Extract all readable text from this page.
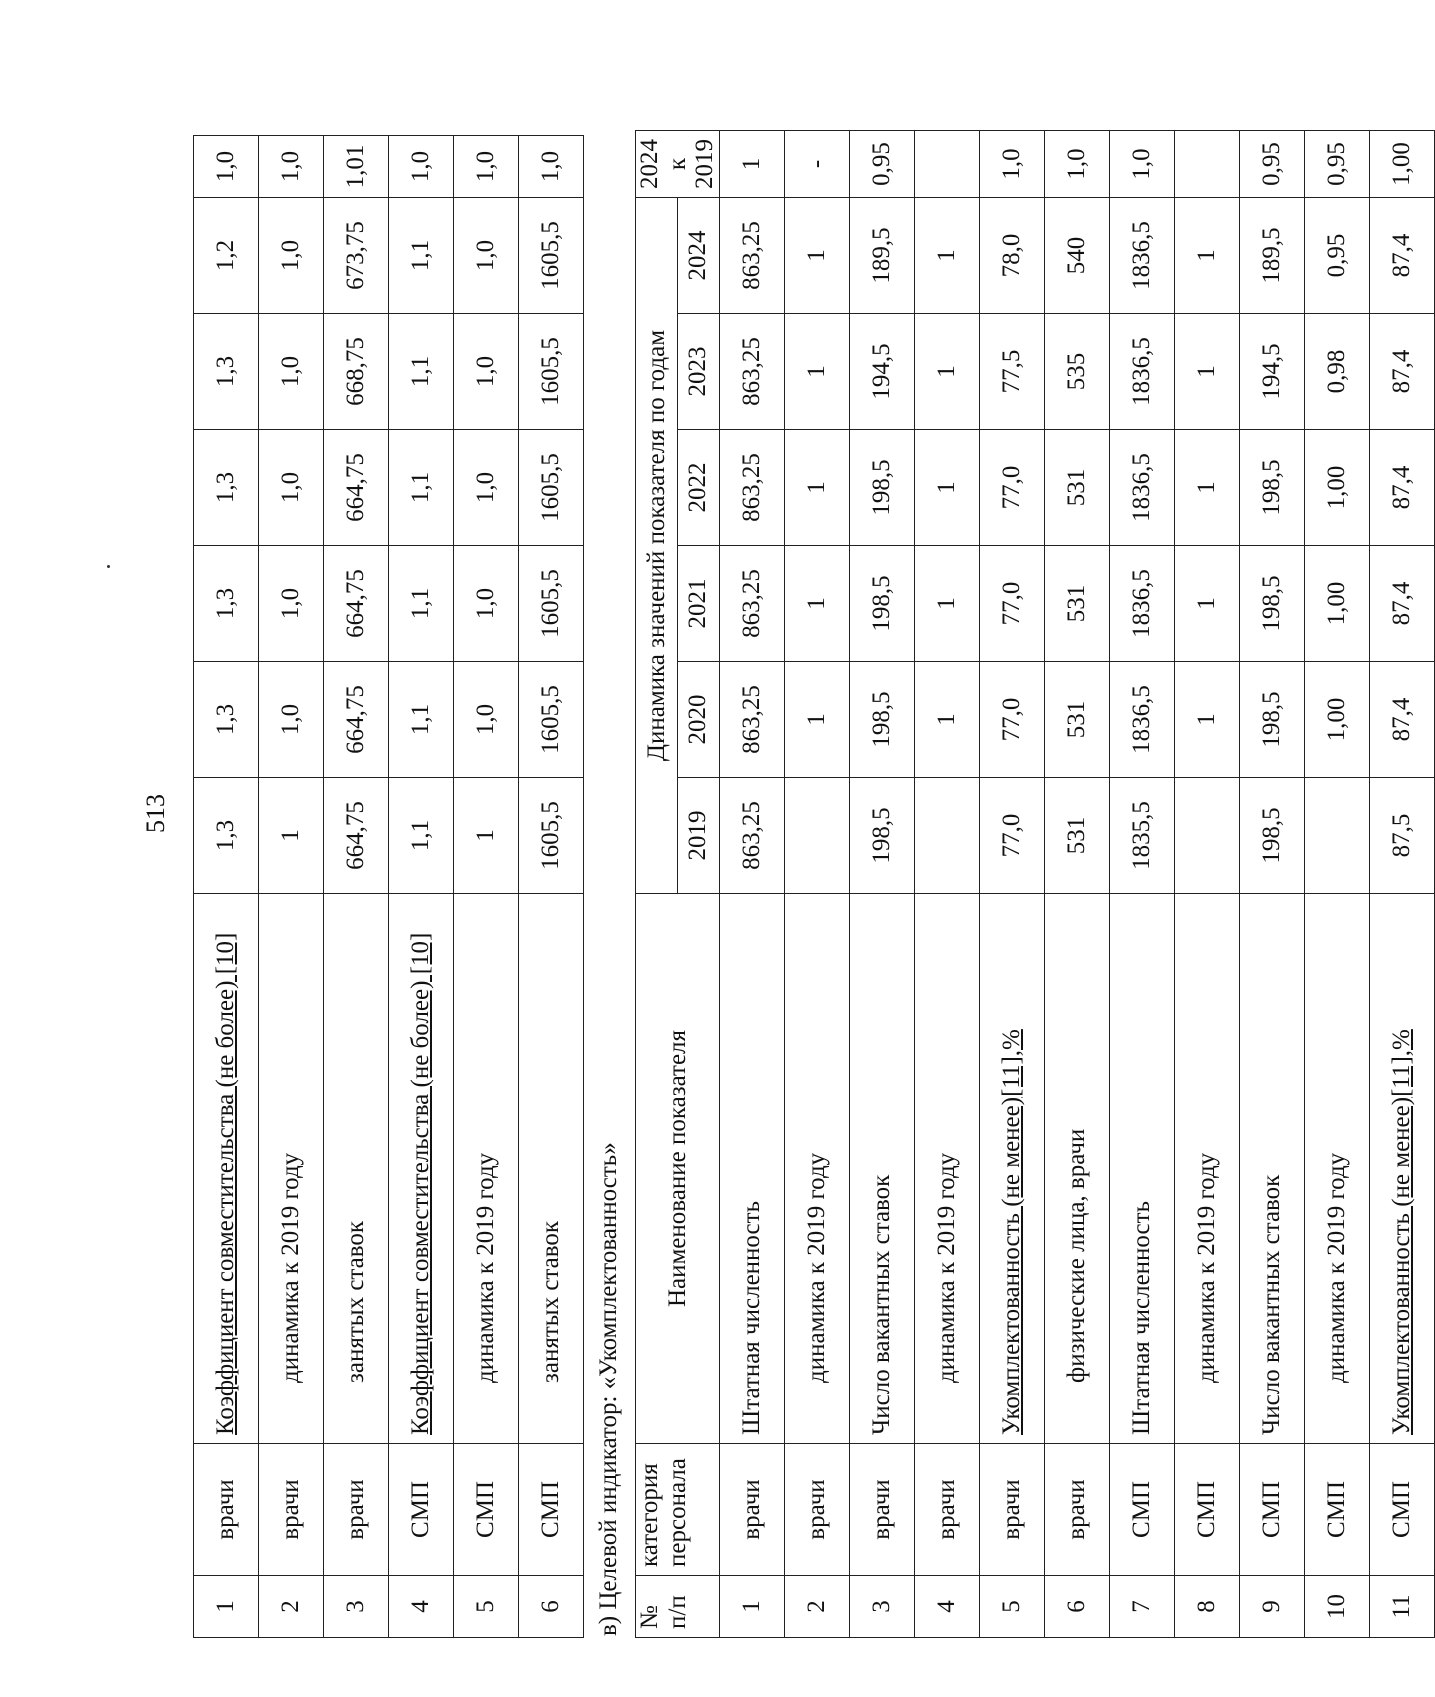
513
1	врачи	Коэффициент совместительства (не более) [10]	1,3	1,3	1,3	1,3	1,3	1,2	1,0
2	врачи	динамика к 2019 году	1	1,0	1,0	1,0	1,0	1,0	1,0
3	врачи	занятых ставок	664,75	664,75	664,75	664,75	668,75	673,75	1,01
4	СМП	Коэффициент совместительства (не более) [10]	1,1	1,1	1,1	1,1	1,1	1,1	1,0
5	СМП	динамика к 2019 году	1	1,0	1,0	1,0	1,0	1,0	1,0
6	СМП	занятых ставок	1605,5	1605,5	1605,5	1605,5	1605,5	1605,5	1,0
в) Целевой индикатор: «Укомплектованность» № п/п	категория персонала	Наименование показателя	Динамика значений показателя по годам						2024 к 2019
			2019	2020	2021	2022	2023	2024	
1	врачи	Штатная численность	863,25	863,25	863,25	863,25	863,25	863,25	1
2	врачи	динамика к 2019 году		1	1	1	1	1	-
3	врачи	Число вакантных ставок	198,5	198,5	198,5	198,5	194,5	189,5	0,95
4	врачи	динамика к 2019 году		1	1	1	1	1	
5	врачи	Укомплектованность (не менее)[11],%	77,0	77,0	77,0	77,0	77,5	78,0	1,0
6	врачи	физические лица, врачи	531	531	531	531	535	540	1,0
7	СМП	Штатная численность	1835,5	1836,5	1836,5	1836,5	1836,5	1836,5	1,0
8	СМП	динамика к 2019 году		1	1	1	1	1	
9	СМП	Число вакантных ставок	198,5	198,5	198,5	198,5	194,5	189,5	0,95
10	СМП	динамика к 2019 году		1,00	1,00	1,00	0,98	0,95	0,95
11	СМП	Укомплектованность (не менее)[11],%	87,5	87,4	87,4	87,4	87,4	87,4	1,00
